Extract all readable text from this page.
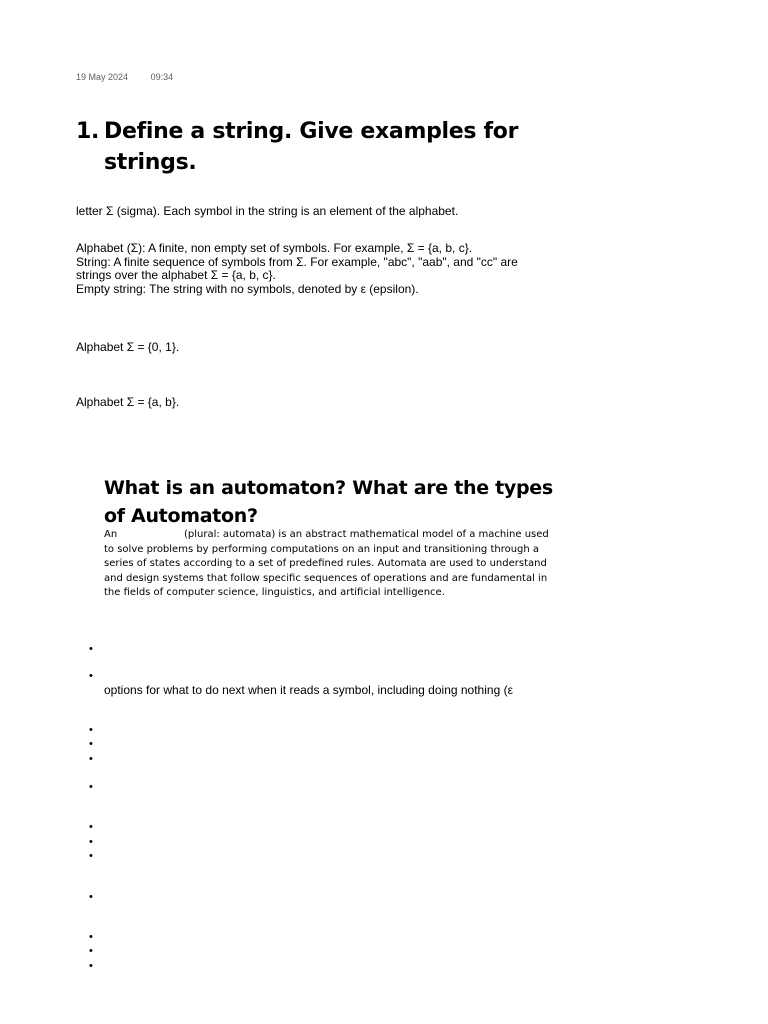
19 May 2024	09:34
1. Define a string. Give examples for strings.
letter Σ (sigma). Each symbol in the string is an element of the alphabet.
Alphabet (Σ): A finite, non empty set of symbols. For example, Σ = {a, b, c}.
String: A finite sequence of symbols from Σ. For example, "abc", "aab", and "cc" are
strings over the alphabet Σ = {a, b, c}.
Empty string: The string with no symbols, denoted by ε (epsilon).
Alphabet Σ = {0, 1}.
Alphabet Σ = {a, b}.
What is an automaton? What are the types of Automaton?
An	(plural: automata) is an abstract mathematical model of a machine used to solve problems by performing computations on an input and transitioning through a series of states according to a set of predefined rules. Automata are used to understand and design systems that follow specific sequences of operations and are fundamental in the fields of computer science, linguistics, and artificial intelligence.
•
•
options for what to do next when it reads a symbol, including doing nothing (ε
•
•
•
•
•
•
•
•
•
•
•
